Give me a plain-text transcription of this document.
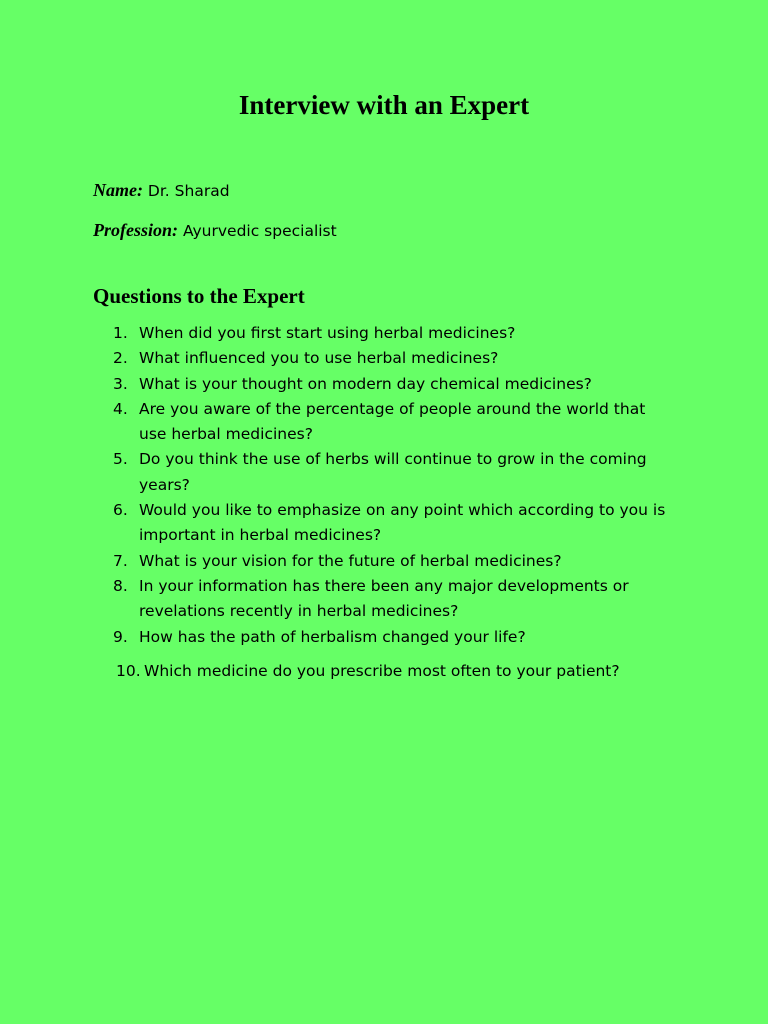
Interview with an Expert
Name: Dr. Sharad
Profession: Ayurvedic specialist
Questions to the Expert
1. When did you first start using herbal medicines?
2. What influenced you to use herbal medicines?
3. What is your thought on modern day chemical medicines?
4. Are you aware of the percentage of people around the world that use herbal medicines?
5. Do you think the use of herbs will continue to grow in the coming years?
6. Would you like to emphasize on any point which according to you is important in herbal medicines?
7. What is your vision for the future of herbal medicines?
8. In your information has there been any major developments or revelations recently in herbal medicines?
9. How has the path of herbalism changed your life?
10. Which medicine do you prescribe most often to your patient?
